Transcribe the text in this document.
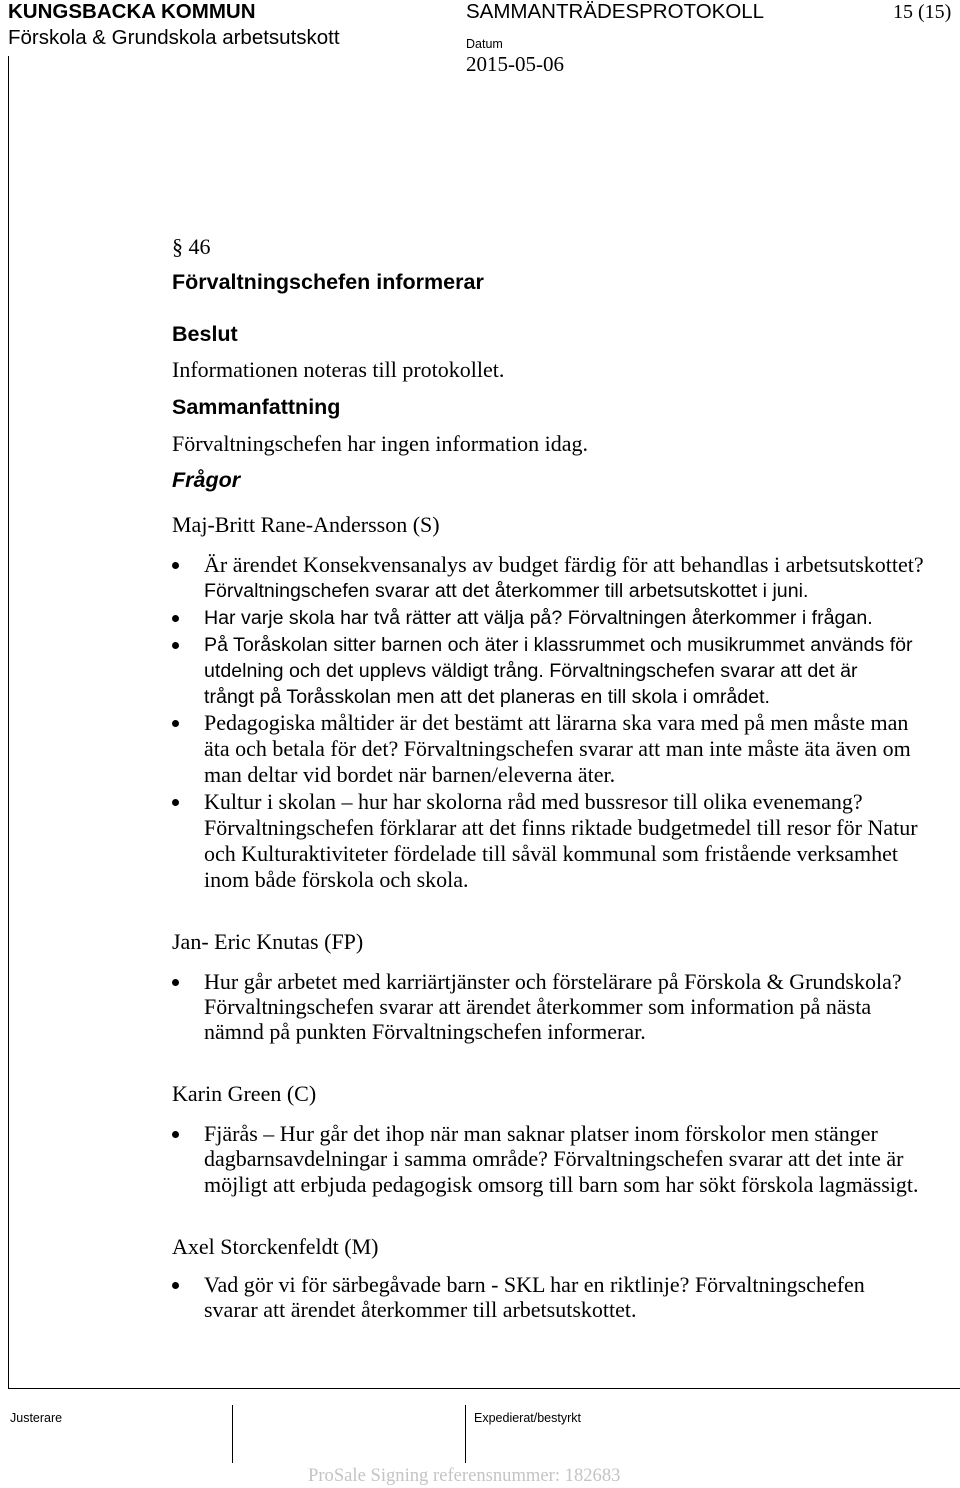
KUNGSBACKA KOMMUN	SAMMANTRÄDESPROTOKOLL	15 (15)
Förskola & Grundskola arbetsutskott	Datum
2015-05-06
§ 46
Förvaltningschefen informerar
Beslut
Informationen noteras till protokollet.
Sammanfattning
Förvaltningschefen har ingen information idag.
Frågor
Maj-Britt Rane-Andersson (S)
Är ärendet Konsekvensanalys av budget färdig för att behandlas i arbetsutskottet?
Förvaltningschefen svarar att det återkommer till arbetsutskottet i juni.
Har varje skola har två rätter att välja på? Förvaltningen återkommer i frågan.
På Toråskolan sitter barnen och äter i klassrummet och musikrummet används för
utdelning och det upplevs väldigt trång. Förvaltningschefen svarar att det är
trångt på Toråsskolan men att det planeras en till skola i området.
Pedagogiska måltider är det bestämt att lärarna ska vara med på men måste man
äta och betala för det? Förvaltningschefen svarar att man inte måste äta även om
man deltar vid bordet när barnen/eleverna äter.
Kultur i skolan – hur har skolorna råd med bussresor till olika evenemang?
Förvaltningschefen förklarar att det finns riktade budgetmedel till resor för Natur
och Kulturaktiviteter fördelade till såväl kommunal som fristående verksamhet
inom både förskola och skola.
Jan- Eric Knutas (FP)
Hur går arbetet med karriärtjänster och förstelärare på Förskola & Grundskola?
Förvaltningschefen svarar att ärendet återkommer som information på nästa
nämnd på punkten Förvaltningschefen informerar.
Karin Green (C)
Fjärås – Hur går det ihop när man saknar platser inom förskolor men stänger
dagbarnsavdelningar i samma område? Förvaltningschefen svarar att det inte är
möjligt att erbjuda pedagogisk omsorg till barn som har sökt förskola lagmässigt.
Axel Storckenfeldt (M)
Vad gör vi för särbegåvade barn - SKL har en riktlinje? Förvaltningschefen
svarar att ärendet återkommer till arbetsutskottet.
Justerare	Expedierat/bestyrkt
ProSale Signing referensnummer: 182683
